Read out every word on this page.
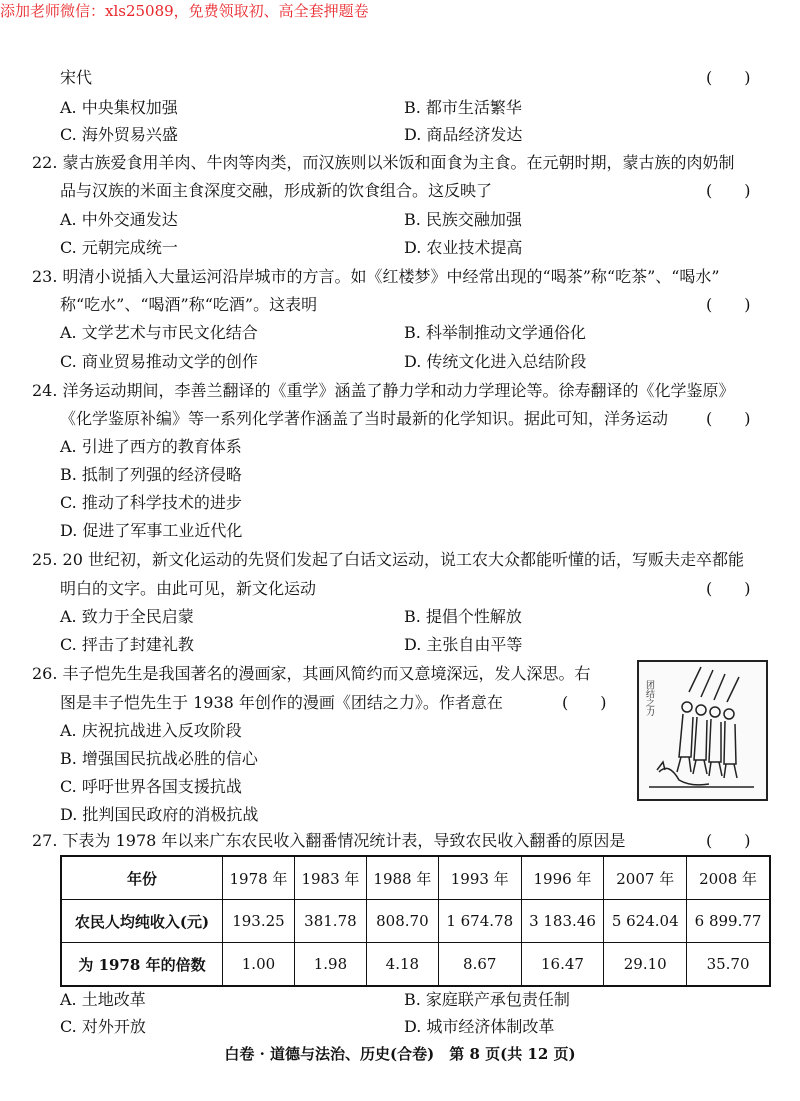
添加老师微信：xls25089，免费领取初、高全套押题卷
宋代	(　　)
A. 中央集权加强	B. 都市生活繁华
C. 海外贸易兴盛	D. 商品经济发达
22. 蒙古族爱食用羊肉、牛肉等肉类，而汉族则以米饭和面食为主食。在元朝时期，蒙古族的肉奶制
品与汉族的米面主食深度交融，形成新的饮食组合。这反映了	(　　)
A. 中外交通发达	B. 民族交融加强
C. 元朝完成统一	D. 农业技术提高
23. 明清小说插入大量运河沿岸城市的方言。如《红楼梦》中经常出现的“喝茶”称“吃茶”、“喝水”
称“吃水”、“喝酒”称“吃酒”。这表明	(　　)
A. 文学艺术与市民文化结合	B. 科举制推动文学通俗化
C. 商业贸易推动文学的创作	D. 传统文化进入总结阶段
24. 洋务运动期间，李善兰翻译的《重学》涵盖了静力学和动力学理论等。徐寿翻译的《化学鉴原》
《化学鉴原补编》等一系列化学著作涵盖了当时最新的化学知识。据此可知，洋务运动 (　　)
A. 引进了西方的教育体系
B. 抵制了列强的经济侵略
C. 推动了科学技术的进步
D. 促进了军事工业近代化
25. 20 世纪初，新文化运动的先贤们发起了白话文运动，说工农大众都能听懂的话，写贩夫走卒都能
明白的文字。由此可见，新文化运动	(　　)
A. 致力于全民启蒙	B. 提倡个性解放
C. 抨击了封建礼教	D. 主张自由平等
26. 丰子恺先生是我国著名的漫画家，其画风简约而又意境深远，发人深思。右
图是丰子恺先生于 1938 年创作的漫画《团结之力》。作者意在	(　　)
A. 庆祝抗战进入反攻阶段
B. 增强国民抗战必胜的信心
C. 呼吁世界各国支援抗战
D. 批判国民政府的消极抗战
团结之力
27. 下表为 1978 年以来广东农民收入翻番情况统计表，导致农民收入翻番的原因是	(　　)
年份	1978 年	1983 年	1988 年	1993 年	1996 年	2007 年	2008 年
农民人均纯收入(元)	193.25	381.78	808.70	1 674.78	3 183.46	5 624.04	6 899.77
为 1978 年的倍数	1.00	1.98	4.18	8.67	16.47	29.10	35.70
A. 土地改革	B. 家庭联产承包责任制
C. 对外开放	D. 城市经济体制改革
白卷 · 道德与法治、历史(合卷)　第 8 页(共 12 页)
